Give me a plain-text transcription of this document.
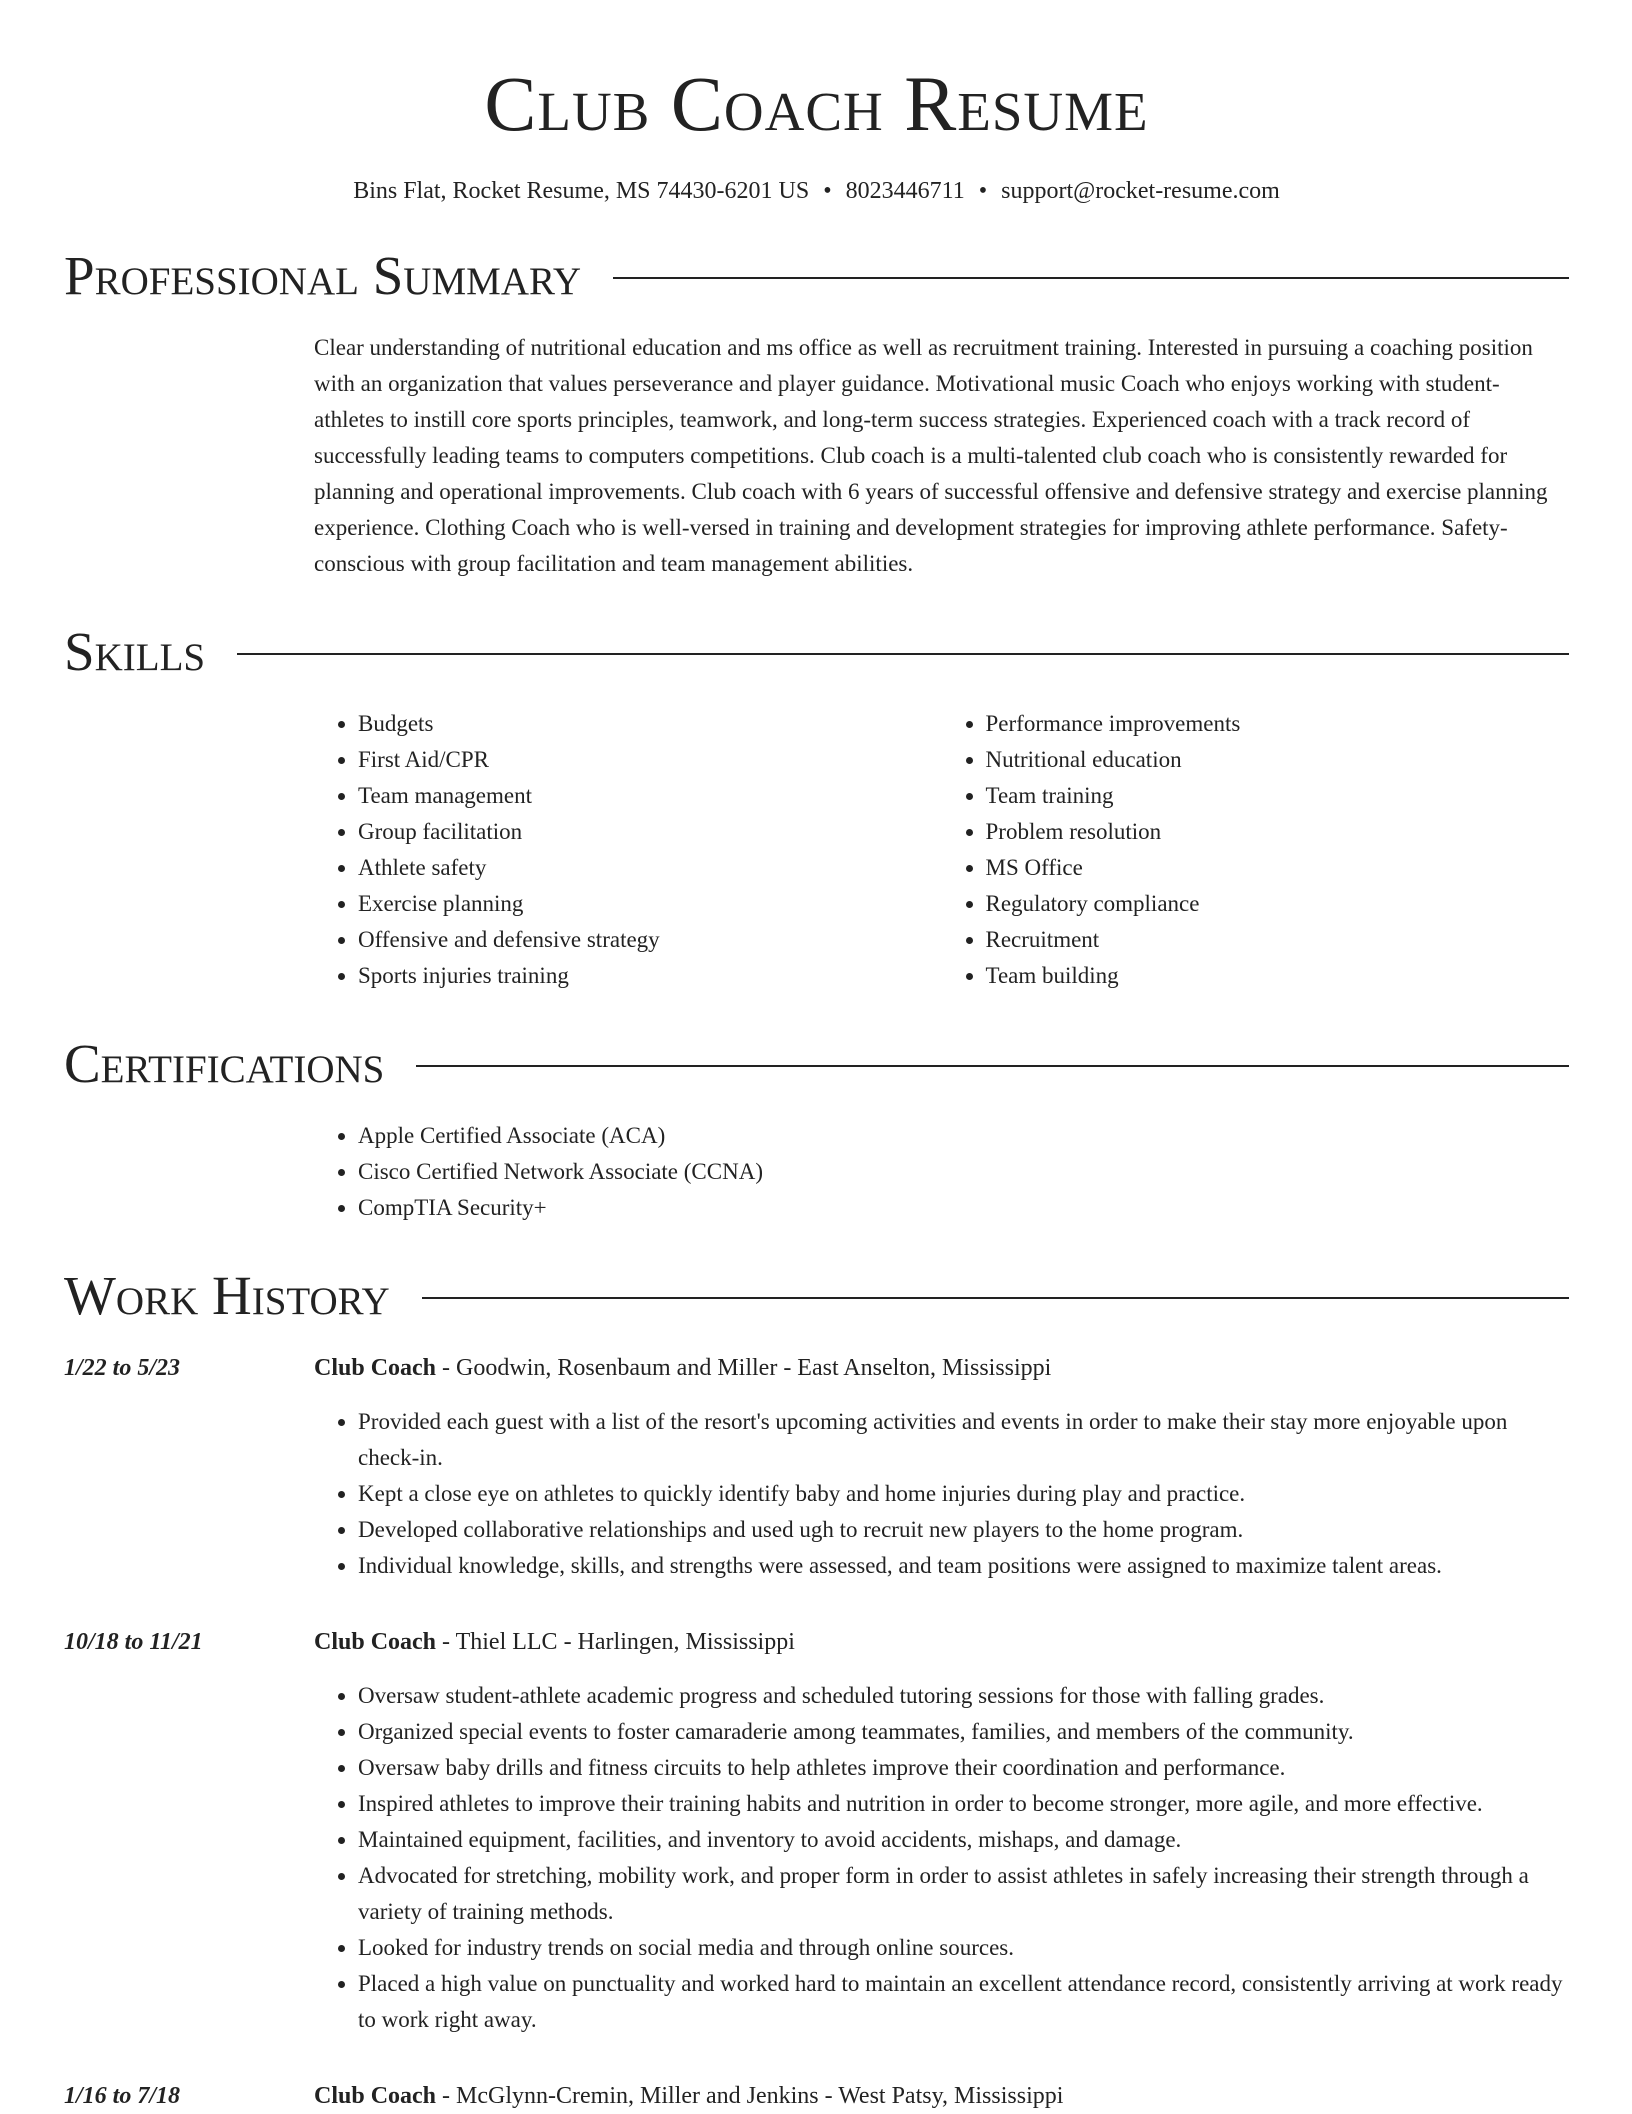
Club Coach Resume
Bins Flat, Rocket Resume, MS 74430-6201 US • 8023446711 • support@rocket-resume.com
Professional Summary

Clear understanding of nutritional education and ms office as well as recruitment training. Interested in pursuing a coaching position with an organization that values perseverance and player guidance. Motivational music Coach who enjoys working with student-athletes to instill core sports principles, teamwork, and long-term success strategies. Experienced coach with a track record of successfully leading teams to computers competitions. Club coach is a multi-talented club coach who is consistently rewarded for planning and operational improvements. Club coach with 6 years of successful offensive and defensive strategy and exercise planning experience. Clothing Coach who is well-versed in training and development strategies for improving athlete performance. Safety-conscious with group facilitation and team management abilities.

Skills
• Budgets
• First Aid/CPR
• Team management
• Group facilitation
• Athlete safety
• Exercise planning
• Offensive and defensive strategy
• Sports injuries training
• Performance improvements
• Nutritional education
• Team training
• Problem resolution
• MS Office
• Regulatory compliance
• Recruitment
• Team building
Certifications
• Apple Certified Associate (ACA)
• Cisco Certified Network Associate (CCNA)
• CompTIA Security+
Work History
1/22 to 5/23	Club Coach - Goodwin, Rosenbaum and Miller - East Anselton, Mississippi
• Provided each guest with a list of the resort's upcoming activities and events in order to make their stay more enjoyable upon check-in.
• Kept a close eye on athletes to quickly identify baby and home injuries during play and practice.
• Developed collaborative relationships and used ugh to recruit new players to the home program.
• Individual knowledge, skills, and strengths were assessed, and team positions were assigned to maximize talent areas.
10/18 to 11/21	Club Coach - Thiel LLC - Harlingen, Mississippi
• Oversaw student-athlete academic progress and scheduled tutoring sessions for those with falling grades.
• Organized special events to foster camaraderie among teammates, families, and members of the community.
• Oversaw baby drills and fitness circuits to help athletes improve their coordination and performance.
• Inspired athletes to improve their training habits and nutrition in order to become stronger, more agile, and more effective.
• Maintained equipment, facilities, and inventory to avoid accidents, mishaps, and damage.
• Advocated for stretching, mobility work, and proper form in order to assist athletes in safely increasing their strength through a variety of training methods.
• Looked for industry trends on social media and through online sources.
• Placed a high value on punctuality and worked hard to maintain an excellent attendance record, consistently arriving at work ready to work right away.
1/16 to 7/18	Club Coach - McGlynn-Cremin, Miller and Jenkins - West Patsy, Mississippi
